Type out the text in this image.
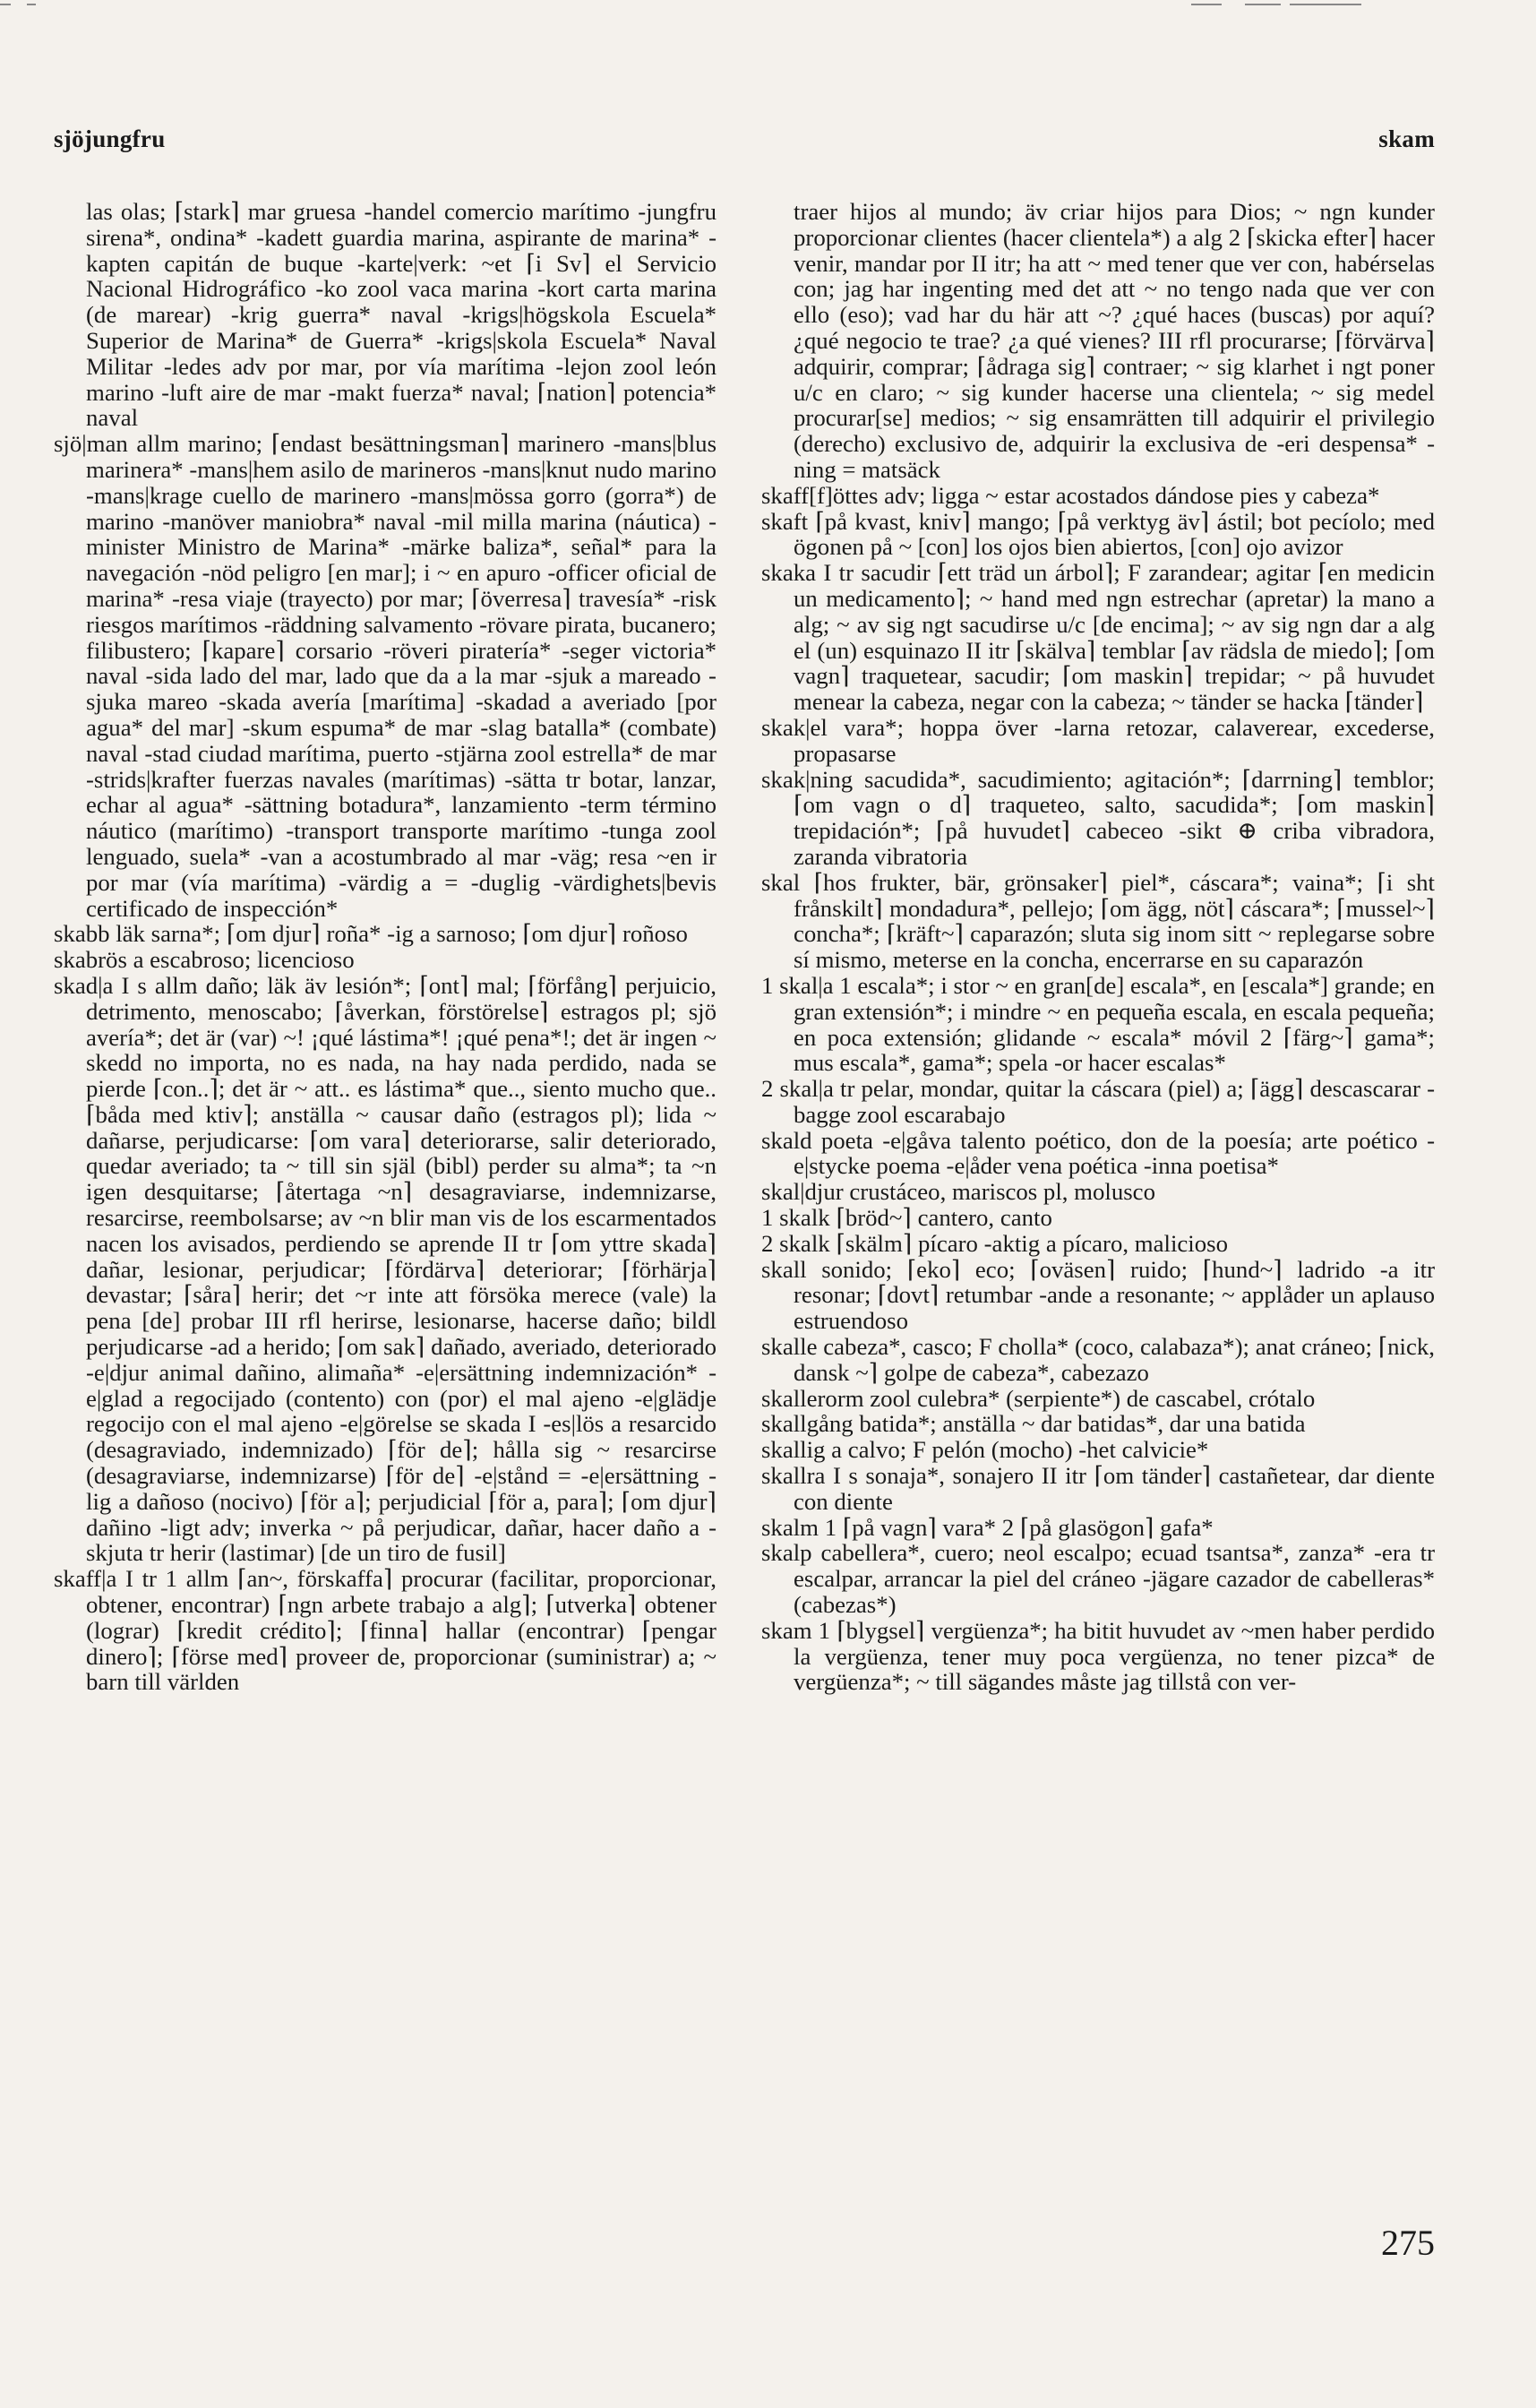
sjöjungfru	skam

las olas; ⌈stark⌉ mar gruesa -handel comercio marítimo -jungfru sirena*, ondina* -kadett guardia marina, aspirante de marina* -kapten capitán de buque -karte|verk: ~et ⌈i Sv⌉ el Servicio Nacional Hidrográfico -ko zool vaca marina -kort carta marina (de marear) -krig guerra* naval -krigs|högskola Escuela* Superior de Marina* de Guerra* -krigs|skola Escuela* Naval Militar -ledes adv por mar, por vía marítima -lejon zool león marino -luft aire de mar -makt fuerza* naval; ⌈nation⌉ potencia* naval

sjö|man allm marino; ⌈endast besättningsman⌉ marinero -mans|blus marinera* -mans|hem asilo de marineros -mans|knut nudo marino -mans|krage cuello de marinero -mans|mössa gorro (gorra*) de marino -manöver maniobra* naval -mil milla marina (náutica) -minister Ministro de Marina* -märke baliza*, señal* para la navegación -nöd peligro [en mar]; i ~ en apuro -officer oficial de marina* -resa viaje (trayecto) por mar; ⌈överresa⌉ travesía* -risk riesgos marítimos -räddning salvamento -rövare pirata, bucanero; filibustero; ⌈kapare⌉ corsario -röveri piratería* -seger victoria* naval -sida lado del mar, lado que da a la mar -sjuk a mareado -sjuka mareo -skada avería [marítima] -skadad a averiado [por agua* del mar] -skum espuma* de mar -slag batalla* (combate) naval -stad ciudad marítima, puerto -stjärna zool estrella* de mar -strids|krafter fuerzas navales (marítimas) -sätta tr botar, lanzar, echar al agua* -sättning botadura*, lanzamiento -term término náutico (marítimo) -transport transporte marítimo -tunga zool lenguado, suela* -van a acostumbrado al mar -väg; resa ~en ir por mar (vía marítima) -värdig a = -duglig -värdighets|bevis certificado de inspección*

skabb läk sarna*; ⌈om djur⌉ roña* -ig a sarnoso; ⌈om djur⌉ roñoso

skabrös a escabroso; licencioso

skad|a I s allm daño; läk äv lesión*; ⌈ont⌉ mal; ⌈förfång⌉ perjuicio, detrimento, menoscabo; ⌈åverkan, förstörelse⌉ estragos pl; sjö avería*; det är (var) ~! ¡qué lástima*! ¡qué pena*!; det är ingen ~ skedd no importa, no es nada, na hay nada perdido, nada se pierde ⌈con..⌉; det är ~ att.. es lástima* que.., siento mucho que.. ⌈båda med ktiv⌉; anställa ~ causar daño (estragos pl); lida ~ dañarse, perjudicarse: ⌈om vara⌉ deteriorarse, salir deteriorado, quedar averiado; ta ~ till sin själ (bibl) perder su alma*; ta ~n igen desquitarse; ⌈återtaga ~n⌉ desagraviarse, indemnizarse, resarcirse, reembolsarse; av ~n blir man vis de los escarmentados nacen los avisados, perdiendo se aprende II tr ⌈om yttre skada⌉ dañar, lesionar, perjudicar; ⌈fördärva⌉ deteriorar; ⌈förhärja⌉ devastar; ⌈såra⌉ herir; det ~r inte att försöka merece (vale) la pena [de] probar III rfl herirse, lesionarse, hacerse daño; bildl perjudicarse -ad a herido; ⌈om sak⌉ dañado, averiado, deteriorado -e|djur animal dañino, alimaña* -e|ersättning indemnización* -e|glad a regocijado (contento) con (por) el mal ajeno -e|glädje regocijo con el mal ajeno -e|görelse se skada I -es|lös a resarcido (desagraviado, indemnizado) ⌈för de⌉; hålla sig ~ resarcirse (desagraviarse, indemnizarse) ⌈för de⌉ -e|stånd = -e|ersättning -lig a dañoso (nocivo) ⌈för a⌉; perjudicial ⌈för a, para⌉; ⌈om djur⌉ dañino -ligt adv; inverka ~ på perjudicar, dañar, hacer daño a -skjuta tr herir (lastimar) [de un tiro de fusil]

skaff|a I tr 1 allm ⌈an~, förskaffa⌉ procurar (facilitar, proporcionar, obtener, encontrar) ⌈ngn arbete trabajo a alg⌉; ⌈utverka⌉ obtener (lograr) ⌈kredit crédito⌉; ⌈finna⌉ hallar (encontrar) ⌈pengar dinero⌉; ⌈förse med⌉ proveer de, proporcionar (suministrar) a; ~ barn till världen

traer hijos al mundo; äv criar hijos para Dios; ~ ngn kunder proporcionar clientes (hacer clientela*) a alg 2 ⌈skicka efter⌉ hacer venir, mandar por II itr; ha att ~ med tener que ver con, habérselas con; jag har ingenting med det att ~ no tengo nada que ver con ello (eso); vad har du här att ~? ¿qué haces (buscas) por aquí? ¿qué negocio te trae? ¿a qué vienes? III rfl procurarse; ⌈förvärva⌉ adquirir, comprar; ⌈ådraga sig⌉ contraer; ~ sig klarhet i ngt poner u/c en claro; ~ sig kunder hacerse una clientela; ~ sig medel procurar[se] medios; ~ sig ensamrätten till adquirir el privilegio (derecho) exclusivo de, adquirir la exclusiva de -eri despensa* -ning = matsäck

skaff[f]öttes adv; ligga ~ estar acostados dándose pies y cabeza*

skaft ⌈på kvast, kniv⌉ mango; ⌈på verktyg äv⌉ ástil; bot pecíolo; med ögonen på ~ [con] los ojos bien abiertos, [con] ojo avizor

skaka I tr sacudir ⌈ett träd un árbol⌉; F zarandear; agitar ⌈en medicin un medicamento⌉; ~ hand med ngn estrechar (apretar) la mano a alg; ~ av sig ngt sacudirse u/c [de encima]; ~ av sig ngn dar a alg el (un) esquinazo II itr ⌈skälva⌉ temblar ⌈av rädsla de miedo⌉; ⌈om vagn⌉ traquetear, sacudir; ⌈om maskin⌉ trepidar; ~ på huvudet menear la cabeza, negar con la cabeza; ~ tänder se hacka ⌈tänder⌉

skak|el vara*; hoppa över -larna retozar, calaverear, excederse, propasarse

skak|ning sacudida*, sacudimiento; agitación*; ⌈darrning⌉ temblor; ⌈om vagn o d⌉ traqueteo, salto, sacudida*; ⌈om maskin⌉ trepidación*; ⌈på huvudet⌉ cabeceo -sikt ⊕ criba vibradora, zaranda vibratoria

skal ⌈hos frukter, bär, grönsaker⌉ piel*, cáscara*; vaina*; ⌈i sht frånskilt⌉ mondadura*, pellejo; ⌈om ägg, nöt⌉ cáscara*; ⌈mussel~⌉ concha*; ⌈kräft~⌉ caparazón; sluta sig inom sitt ~ replegarse sobre sí mismo, meterse en la concha, encerrarse en su caparazón

1 skal|a 1 escala*; i stor ~ en gran[de] escala*, en [escala*] grande; en gran extensión*; i mindre ~ en pequeña escala, en escala pequeña; en poca extensión; glidande ~ escala* móvil 2 ⌈färg~⌉ gama*; mus escala*, gama*; spela -or hacer escalas*

2 skal|a tr pelar, mondar, quitar la cáscara (piel) a; ⌈ägg⌉ descascarar -bagge zool escarabajo

skald poeta -e|gåva talento poético, don de la poesía; arte poético -e|stycke poema -e|åder vena poética -inna poetisa*

skal|djur crustáceo, mariscos pl, molusco

1 skalk ⌈bröd~⌉ cantero, canto

2 skalk ⌈skälm⌉ pícaro -aktig a pícaro, malicioso

skall sonido; ⌈eko⌉ eco; ⌈oväsen⌉ ruido; ⌈hund~⌉ ladrido -a itr resonar; ⌈dovt⌉ retumbar -ande a resonante; ~ applåder un aplauso estruendoso

skalle cabeza*, casco; F cholla* (coco, calabaza*); anat cráneo; ⌈nick, dansk ~⌉ golpe de cabeza*, cabezazo

skallerorm zool culebra* (serpiente*) de cascabel, crótalo

skallgång batida*; anställa ~ dar batidas*, dar una batida

skallig a calvo; F pelón (mocho) -het calvicie*

skallra I s sonaja*, sonajero II itr ⌈om tänder⌉ castañetear, dar diente con diente

skalm 1 ⌈på vagn⌉ vara* 2 ⌈på glasögon⌉ gafa*

skalp cabellera*, cuero; neol escalpo; ecuad tsantsa*, zanza* -era tr escalpar, arrancar la piel del cráneo -jägare cazador de cabelleras* (cabezas*)

skam 1 ⌈blygsel⌉ vergüenza*; ha bitit huvudet av ~men haber perdido la vergüenza, tener muy poca vergüenza, no tener pizca* de vergüenza*; ~ till sägandes måste jag tillstå con ver-

275
